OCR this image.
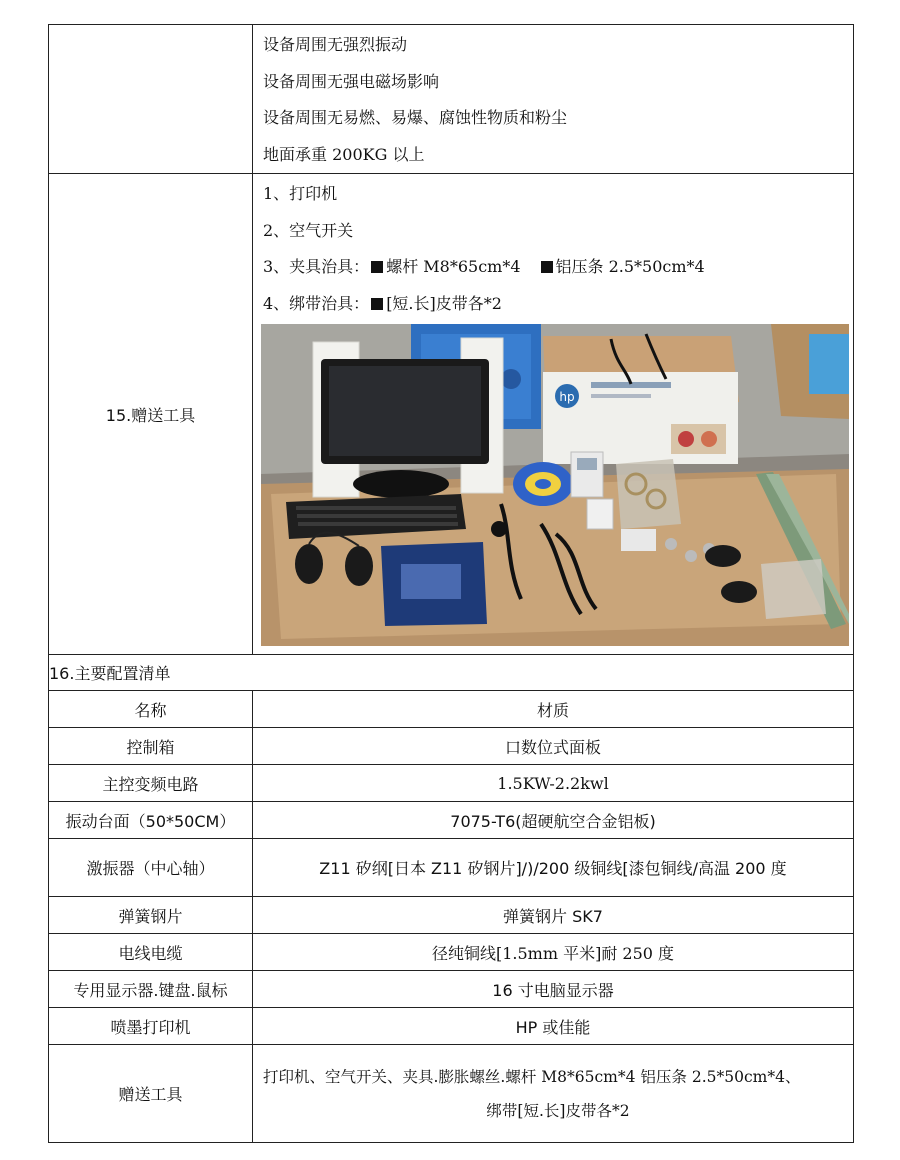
	设备周围无强烈振动
设备周围无强电磁场影响
设备周围无易燃、易爆、腐蚀性物质和粉尘
地面承重 200KG 以上

15.赠送工具	1、打印机
2、空气开关
3、夹具治具： 螺杆 M8*65cm*4 铝压条 2.5*50cm*4
4、绑带治具： [短.长]皮带各*2
hp

16.主要配置清单	
名称	材质
控制箱	口数位式面板
主控变频电路	1.5KW-2.2kwl
振动台面（50*50CM）	7075-T6(超硬航空合金铝板)
激振器（中心轴）	Z11 矽纲[日本 Z11 矽钢片]/)/200 级铜线[漆包铜线/高温 200 度
弹簧钢片	弹簧钢片 SK7
电线电缆	径纯铜线[1.5mm 平米]耐 250 度
专用显示器.键盘.鼠标	16 寸电脑显示器
喷墨打印机	HP 或佳能
赠送工具	打印机、空气开关、夹具.膨胀螺丝.螺杆 M8*65cm*4 铝压条 2.5*50cm*4、
绑带[短.长]皮带各*2
